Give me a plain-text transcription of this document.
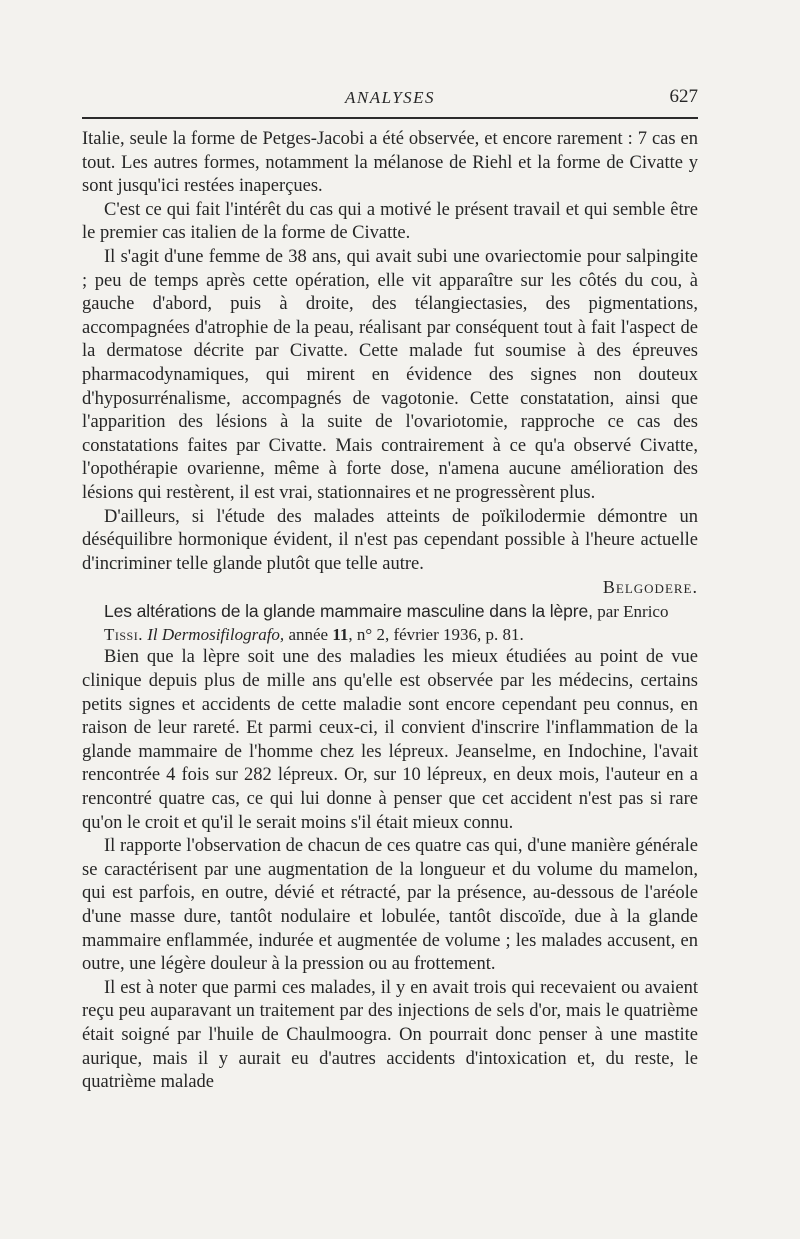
ANALYSES	627

Italie, seule la forme de Petges-Jacobi a été observée, et encore rarement : 7 cas en tout. Les autres formes, notamment la mélanose de Riehl et la forme de Civatte y sont jusqu'ici restées inaperçues.

C'est ce qui fait l'intérêt du cas qui a motivé le présent travail et qui semble être le premier cas italien de la forme de Civatte.

Il s'agit d'une femme de 38 ans, qui avait subi une ovariectomie pour salpingite ; peu de temps après cette opération, elle vit apparaître sur les côtés du cou, à gauche d'abord, puis à droite, des télangiectasies, des pigmentations, accompagnées d'atrophie de la peau, réalisant par conséquent tout à fait l'aspect de la dermatose décrite par Civatte. Cette malade fut soumise à des épreuves pharmacodynamiques, qui mirent en évidence des signes non douteux d'hyposurrénalisme, accompagnés de vagotonie. Cette constatation, ainsi que l'apparition des lésions à la suite de l'ovariotomie, rapproche ce cas des constatations faites par Civatte. Mais contrairement à ce qu'a observé Civatte, l'opothérapie ovarienne, même à forte dose, n'amena aucune amélioration des lésions qui restèrent, il est vrai, stationnaires et ne progressèrent plus.

D'ailleurs, si l'étude des malades atteints de poïkilodermie démontre un déséquilibre hormonique évident, il n'est pas cependant possible à l'heure actuelle d'incriminer telle glande plutôt que telle autre.

Belgodere.

Les altérations de la glande mammaire masculine dans la lèpre, par Enrico

Tissi. Il Dermosifilografo, année 11, n° 2, février 1936, p. 81.

Bien que la lèpre soit une des maladies les mieux étudiées au point de vue clinique depuis plus de mille ans qu'elle est observée par les médecins, certains petits signes et accidents de cette maladie sont encore cependant peu connus, en raison de leur rareté. Et parmi ceux-ci, il convient d'inscrire l'inflammation de la glande mammaire de l'homme chez les lépreux. Jeanselme, en Indochine, l'avait rencontrée 4 fois sur 282 lépreux. Or, sur 10 lépreux, en deux mois, l'auteur en a rencontré quatre cas, ce qui lui donne à penser que cet accident n'est pas si rare qu'on le croit et qu'il le serait moins s'il était mieux connu.

Il rapporte l'observation de chacun de ces quatre cas qui, d'une manière générale se caractérisent par une augmentation de la longueur et du volume du mamelon, qui est parfois, en outre, dévié et rétracté, par la présence, au-dessous de l'aréole d'une masse dure, tantôt nodulaire et lobulée, tantôt discoïde, due à la glande mammaire enflammée, indurée et augmentée de volume ; les malades accusent, en outre, une légère douleur à la pression ou au frottement.

Il est à noter que parmi ces malades, il y en avait trois qui recevaient ou avaient reçu peu auparavant un traitement par des injections de sels d'or, mais le quatrième était soigné par l'huile de Chaulmoogra. On pourrait donc penser à une mastite aurique, mais il y aurait eu d'autres accidents d'intoxication et, du reste, le quatrième malade
